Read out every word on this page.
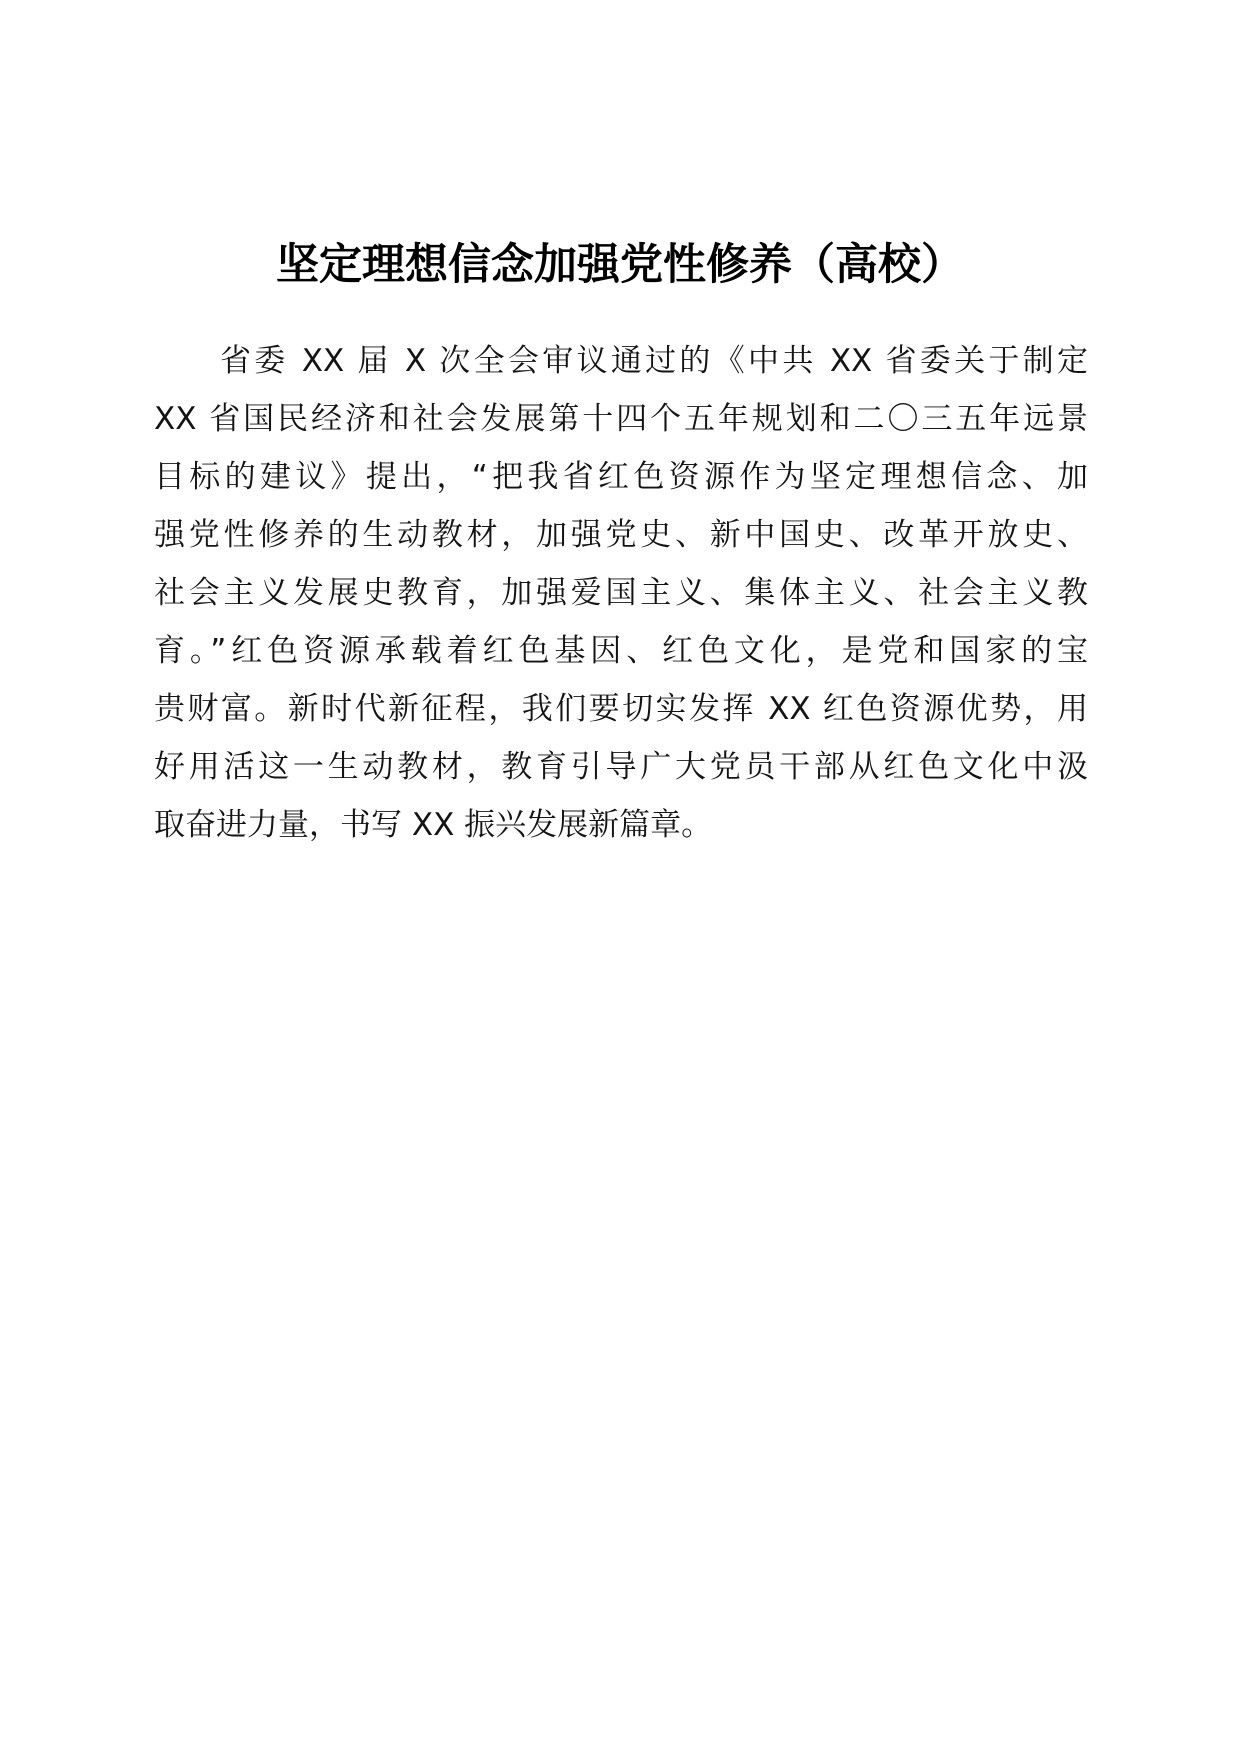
坚定理想信念加强党性修养（高校）
省委 XX 届 X 次全会审议通过的《中共 XX 省委关于制定
XX 省国民经济和社会发展第十四个五年规划和二〇三五年远景
目标的建议》提出，“把我省红色资源作为坚定理想信念、加
强党性修养的生动教材，加强党史、新中国史、改革开放史、
社会主义发展史教育，加强爱国主义、集体主义、社会主义教
育。”红色资源承载着红色基因、红色文化，是党和国家的宝
贵财富。新时代新征程，我们要切实发挥 XX 红色资源优势，用
好用活这一生动教材，教育引导广大党员干部从红色文化中汲
取奋进力量，书写 XX 振兴发展新篇章。
